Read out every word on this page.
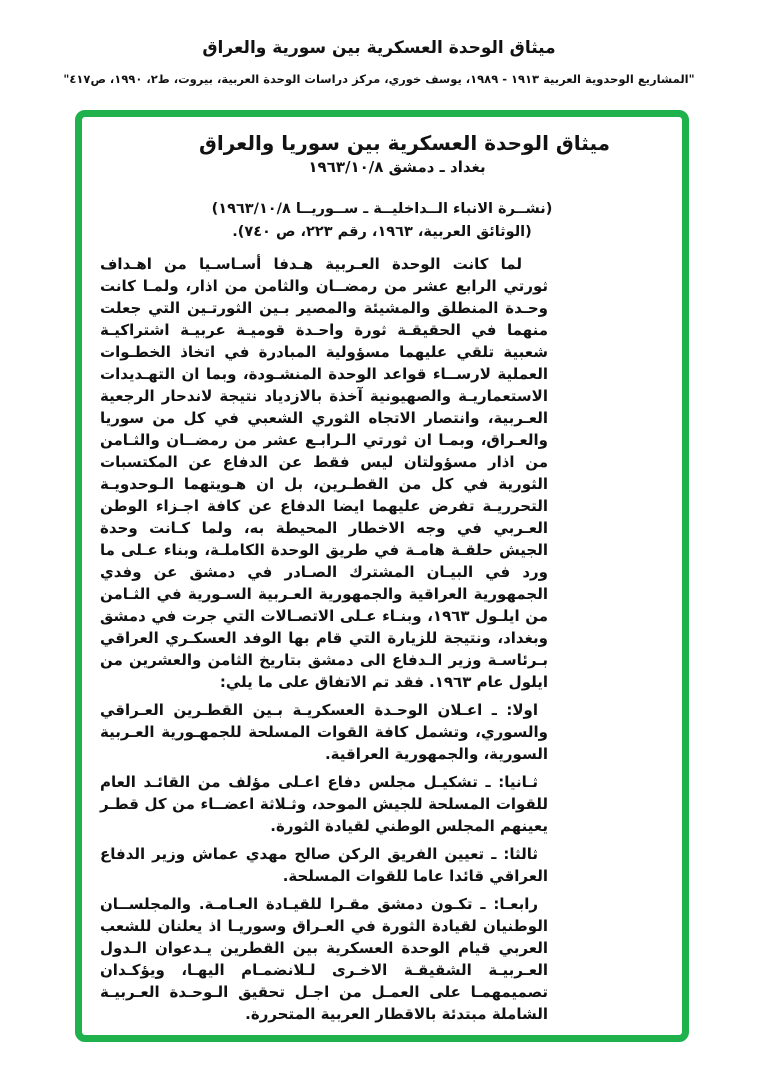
ميثاق الوحدة العسكرية بين سورية والعراق
"المشاريع الوحدوية العربية ١٩١٣ - ١٩٨٩، يوسف خوري، مركز دراسات الوحدة العربية، بيروت، ط٢، ١٩٩٠، ص٤١٧"
ميثاق الوحدة العسكرية بين سوريا والعراق
بغداد ـ دمشق ١٩٦٣/١٠/٨
(نشــرة الانباء الــداخليــة ـ ســوريــا ١٩٦٣/١٠/٨)
(الوثائق العربية، ١٩٦٣، رقم ٢٢٣، ص ٧٤٠).

لما كانت الوحدة العـربية هـدفا أسـاسـيا من اهـداف ثورتي الرابع عشر من رمضــان والثامن من اذار، ولمـا كانت وحـدة المنطلق والمشيئة والمصير بـين الثورتـين التي جعلت منهما في الحقيقـة ثورة واحـدة قوميـة عربيـة اشتراكيـة شعبية تلقي عليهما مسؤولية المبادرة في اتخاذ الخطـوات العملية لارســاء قواعد الوحدة المنشـودة، وبما ان التهـديدات الاستعماريـة والصهيونية آخذة بالازدياد نتيجة لاندحار الرجعية العـربية، وانتصار الاتجاه الثوري الشعبي في كل من سوريا والعـراق، وبمـا ان ثورتي الـرابـع عشر من رمضــان والثـامن من اذار مسؤولتان ليس فقط عن الدفاع عن المكتسبات الثورية في كل من القطـرين، بل ان هـويتهما الـوحدويـة التحرريـة تفرض عليهما ايضا الدفاع عن كافة اجـزاء الوطن العـربي في وجه الاخطار المحيطة به، ولما كـانت وحدة الجيش حلقـة هامـة في طريق الوحدة الكاملـة، وبناء عـلى ما ورد في البيـان المشترك الصـادر في دمشق عن وفدي الجمهورية العراقية والجمهورية العـربية السـورية في الثـامن من ايلـول ١٩٦٣، وبنـاء عـلى الاتصـالات التي جرت في دمشق وبغداد، ونتيجة للزيارة التي قام بها الوفد العسكـري العراقي بـرئاسـة وزير الـدفاع الى دمشق بتاريخ الثامن والعشرين من ايلول عام ١٩٦٣. فقد تم الاتفاق على ما يلي:

اولا: ـ اعـلان الوحـدة العسكريـة بـين القطـرين العـراقي والسوري، وتشمل كافة القوات المسلحة للجمهـورية العـربية السورية، والجمهورية العراقية.

ثـانيا: ـ تشكيـل مجلس دفاع اعـلى مؤلف من القائـد العام للقوات المسلحة للجيش الموحد، وثـلاثة اعضــاء من كل قطـر يعينهم المجلس الوطني لقيادة الثورة.

ثالثا: ـ تعيين الفريق الركن صالح مهدي عماش وزير الدفاع العراقي قائدا عاما للقوات المسلحة.

رابعـا: ـ تكـون دمشق مقـرا للقيـادة العـامـة. والمجلســان الوطنيان لقيادة الثورة في العـراق وسوريـا اذ يعلنان للشعب العربي قيام الوحدة العسكرية بين القطرين يـدعوان الـدول العـربيـة الشقيقـة الاخـرى لـلانضمـام اليهـا، ويؤكـدان تصميمهمـا على العمـل من اجـل تحقيق الـوحـدة العـربيـة الشاملة مبتدئة بالاقطار العربية المتحررة.
